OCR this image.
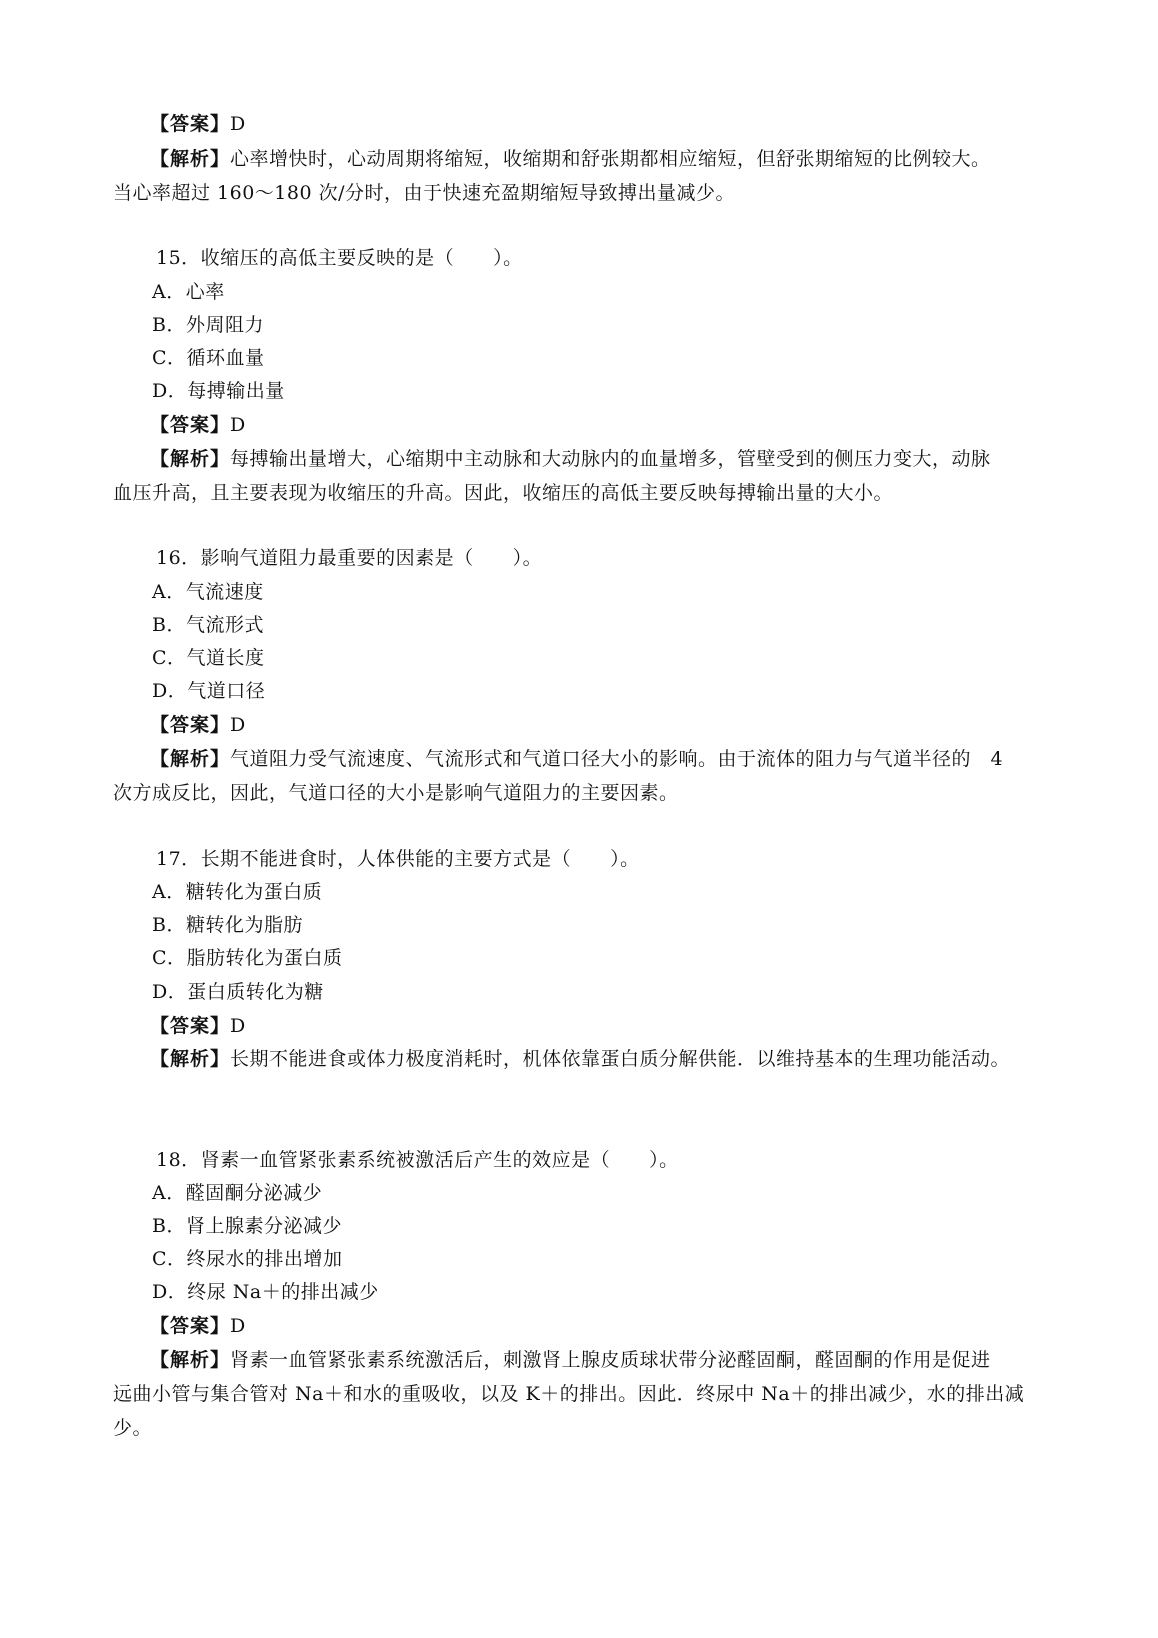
【答案】D
【解析】心率增快时，心动周期将缩短，收缩期和舒张期都相应缩短，但舒张期缩短的比例较大。
当心率超过 160～180 次/分时，由于快速充盈期缩短导致搏出量减少。
15．收缩压的高低主要反映的是（　　）。
A．心率
B．外周阻力
C．循环血量
D．每搏输出量
【答案】D
【解析】每搏输出量增大，心缩期中主动脉和大动脉内的血量增多，管壁受到的侧压力变大，动脉
血压升高，且主要表现为收缩压的升高。因此，收缩压的高低主要反映每搏输出量的大小。
16．影响气道阻力最重要的因素是（　　）。
A．气流速度
B．气流形式
C．气道长度
D．气道口径
【答案】D
【解析】气道阻力受气流速度、气流形式和气道口径大小的影响。由于流体的阻力与气道半径的　4
次方成反比，因此，气道口径的大小是影响气道阻力的主要因素。
17．长期不能进食时，人体供能的主要方式是（　　）。
A．糖转化为蛋白质
B．糖转化为脂肪
C．脂肪转化为蛋白质
D．蛋白质转化为糖
【答案】D
【解析】长期不能进食或体力极度消耗时，机体依靠蛋白质分解供能．以维持基本的生理功能活动。
18．肾素一血管紧张素系统被激活后产生的效应是（　　）。
A．醛固酮分泌减少
B．肾上腺素分泌减少
C．终尿水的排出增加
D．终尿 Na＋的排出减少
【答案】D
【解析】肾素一血管紧张素系统激活后，刺激肾上腺皮质球状带分泌醛固酮，醛固酮的作用是促进
远曲小管与集合管对 Na＋和水的重吸收，以及 K＋的排出。因此．终尿中 Na＋的排出减少，水的排出减
少。
